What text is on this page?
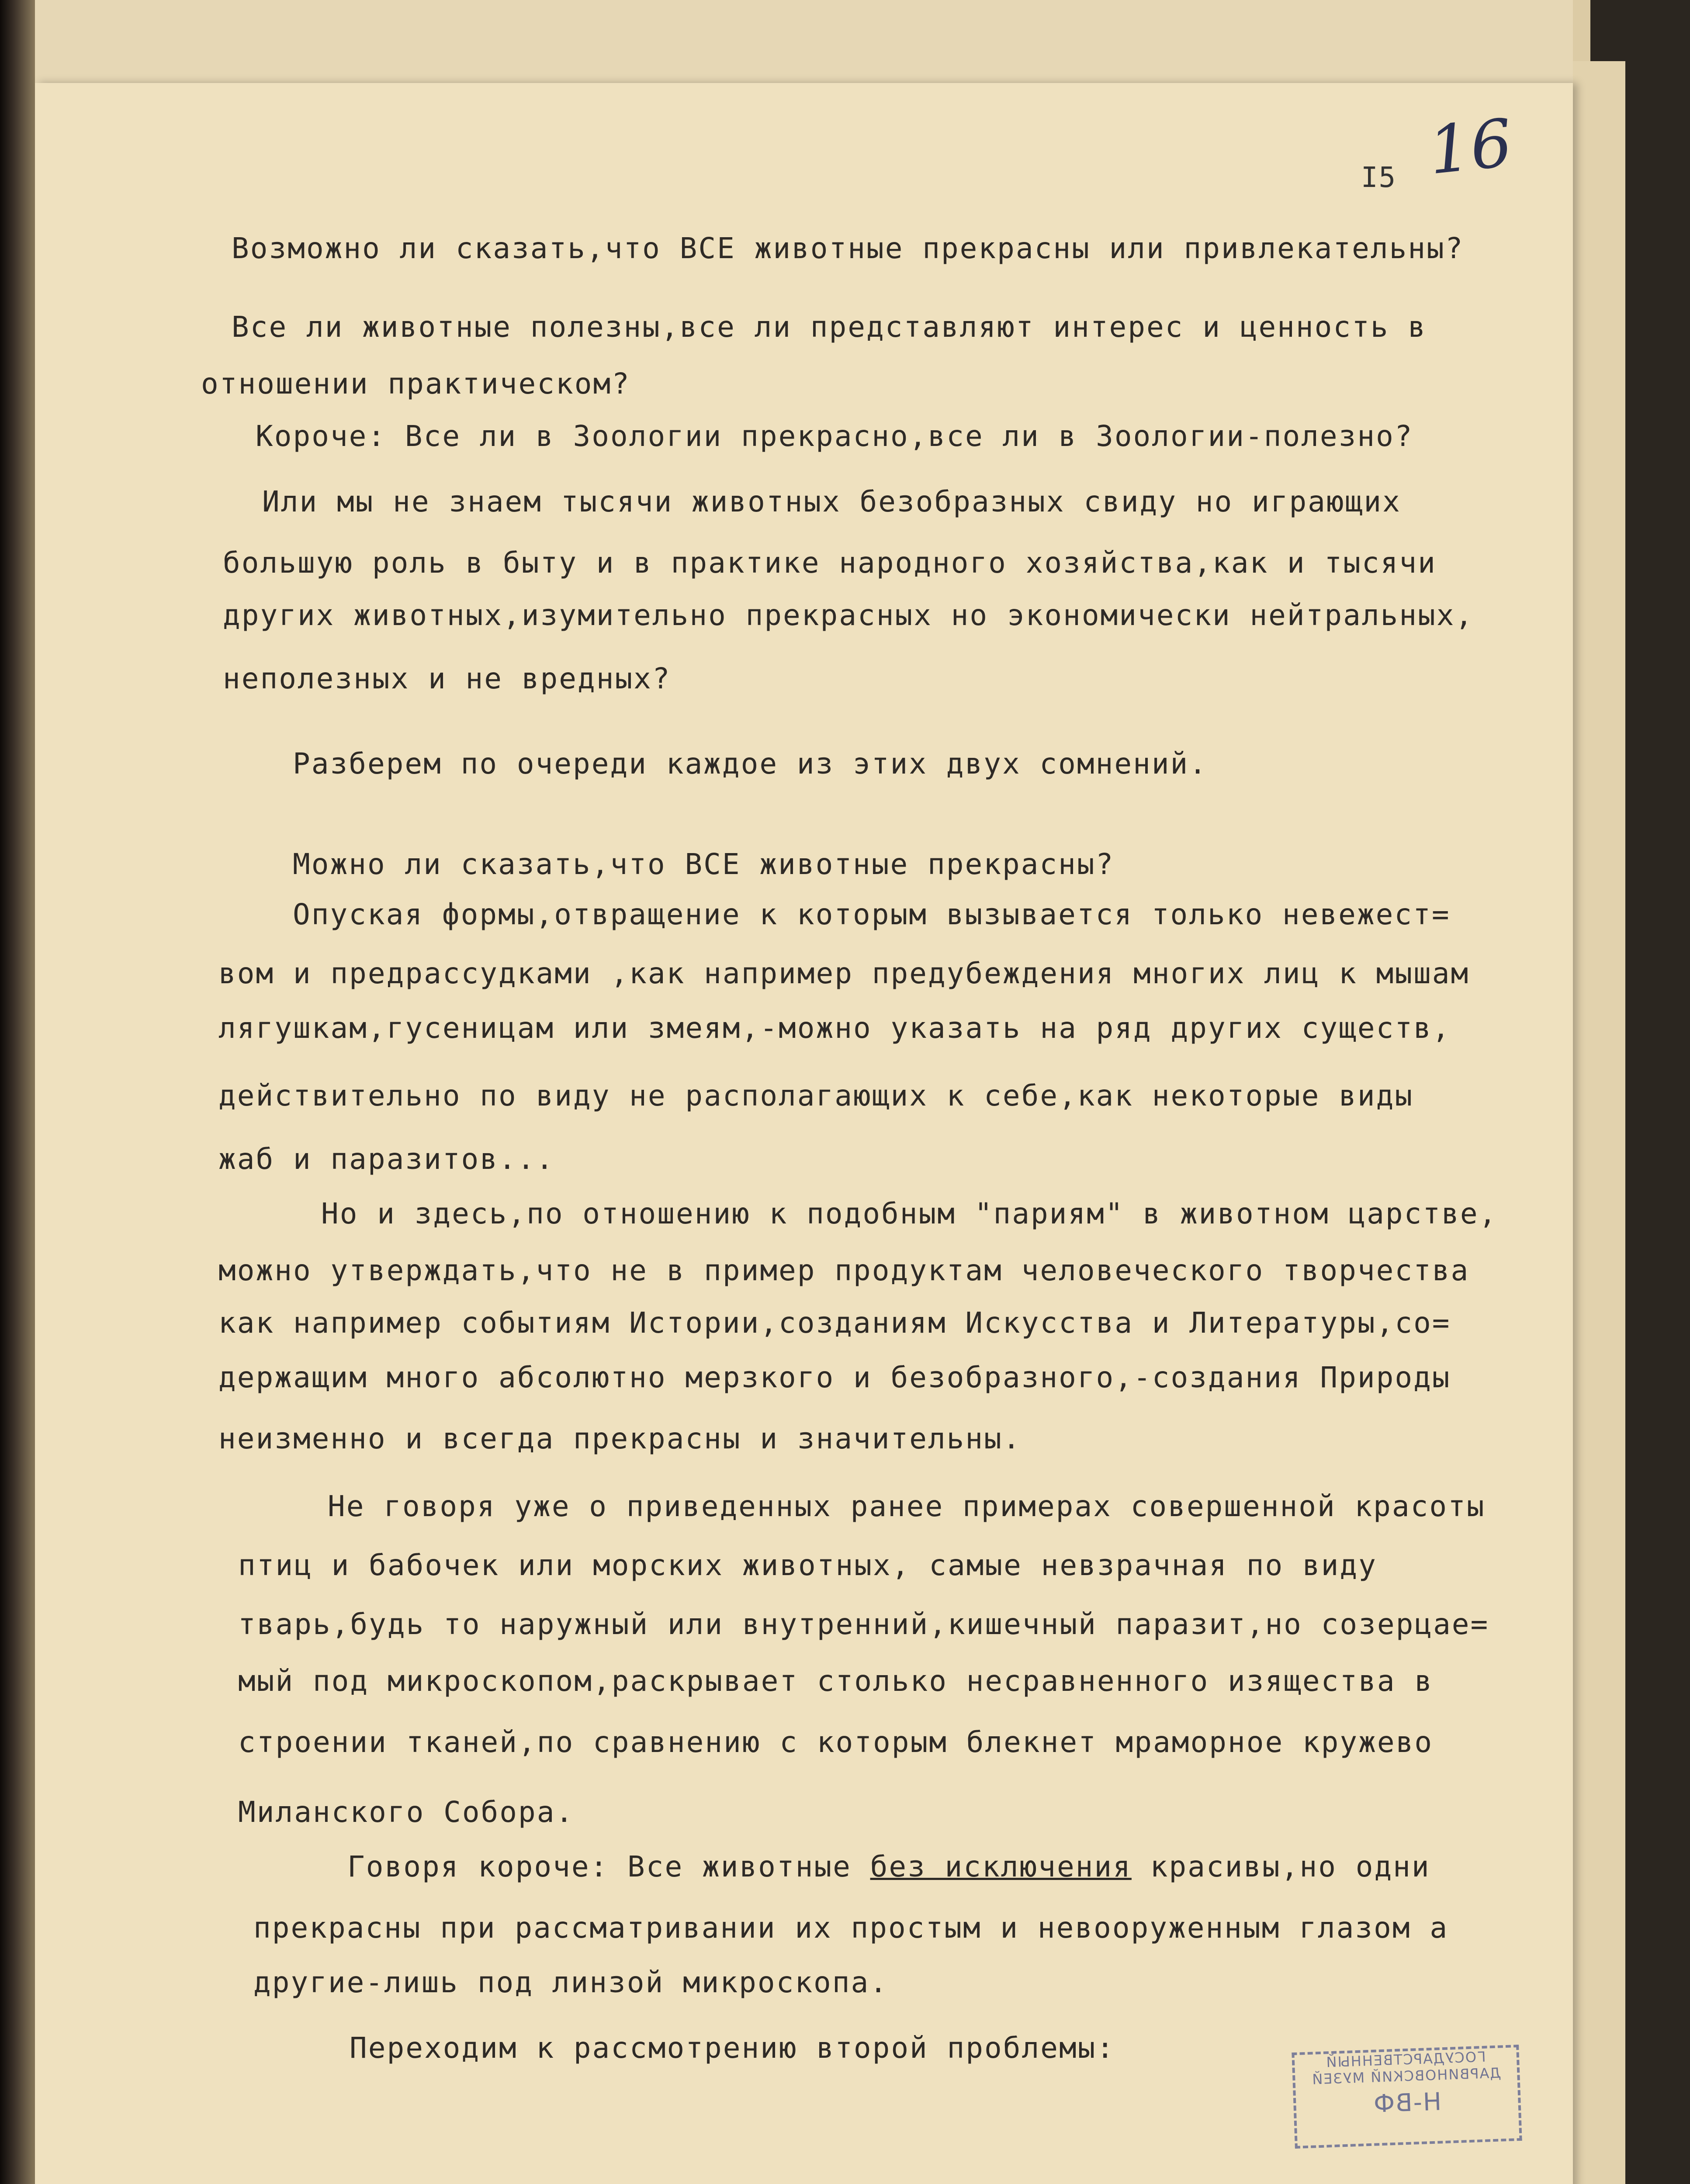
16
I5
Возможно ли сказать,что ВСЕ животные прекрасны или привлекательны?
Все ли животные полезны,все ли представляют интерес и ценность в
отношении практическом?
Короче: Все ли в Зоологии прекрасно,все ли в Зоологии-полезно?
Или мы не знаем тысячи животных безобразных свиду но играющих
большую роль в быту и в практике народного хозяйства,как и тысячи
других животных,изумительно прекрасных но экономически нейтральных,
неполезных и не вредных?
Разберем по очереди каждое из этих двух сомнений.
Можно ли сказать,что ВСЕ животные прекрасны?
Опуская формы,отвращение к которым вызывается только невежест=
вом и предрассудками ,как например предубеждения многих лиц к мышам
лягушкам,гусеницам или змеям,-можно указать на ряд других существ,
действительно по виду не располагающих к себе,как некоторые виды
жаб и паразитов...
Но и здесь,по отношению к подобным "париям" в животном царстве,
можно утверждать,что не в пример продуктам человеческого творчества
как например событиям Истории,созданиям Искусства и Литературы,со=
держащим много абсолютно мерзкого и безобразного,-создания Природы
неизменно и всегда прекрасны и значительны.
Не говоря уже о приведенных ранее примерах совершенной красоты
птиц и бабочек или морских животных, самые невзрачная по виду
тварь,будь то наружный или внутренний,кишечный паразит,но созерцае=
мый под микроскопом,раскрывает столько несравненного изящества в
строении тканей,по сравнению с которым блекнет мраморное кружево
Миланского Собора.
Говоря короче: Все животные без исключения красивы,но одни
прекрасны при рассматривании их простым и невооруженным глазом а
другие-лишь под линзой микроскопа.
Переходим к рассмотрению второй проблемы:	ГОСУДАРСТВЕННЫЙ
ДАРВИНОВСКИЙ МУЗЕЙ
Н-ВФ
